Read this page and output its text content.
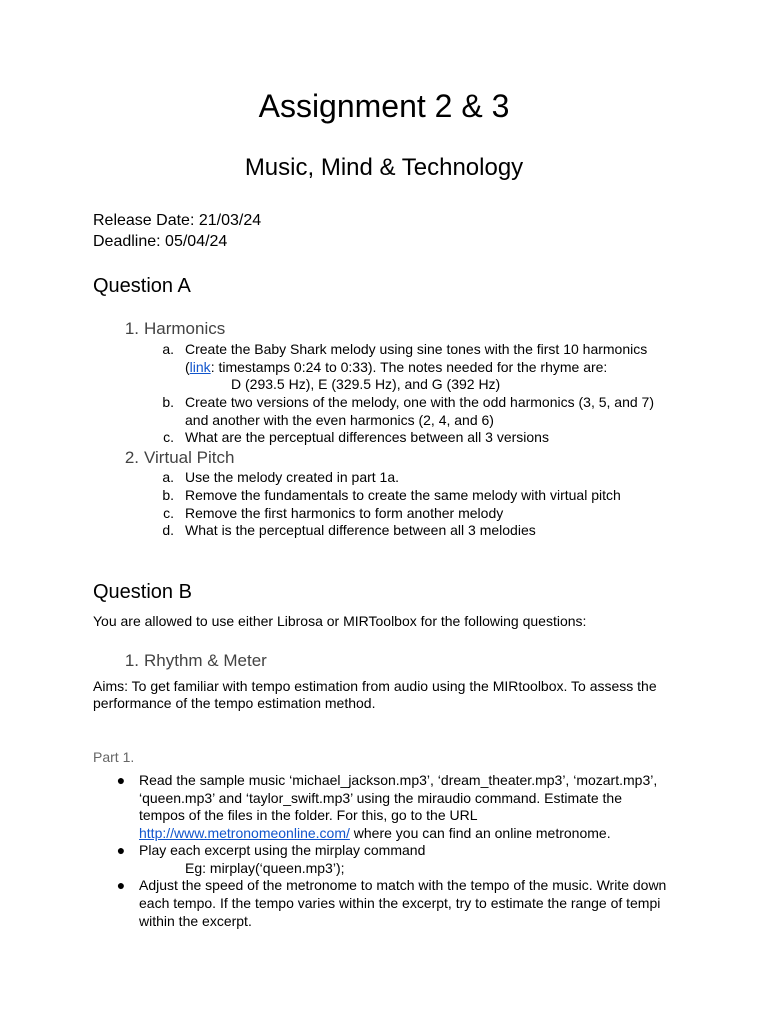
Assignment 2 & 3
Music, Mind & Technology
Release Date: 21/03/24
Deadline: 05/04/24
Question A
1. Harmonics
a. Create the Baby Shark melody using sine tones with the first 10 harmonics
(link: timestamps 0:24 to 0:33). The notes needed for the rhyme are:
D (293.5 Hz), E (329.5 Hz), and G (392 Hz)
b. Create two versions of the melody, one with the odd harmonics (3, 5, and 7)
and another with the even harmonics (2, 4, and 6)
c. What are the perceptual differences between all 3 versions
2. Virtual Pitch
a. Use the melody created in part 1a.
b. Remove the fundamentals to create the same melody with virtual pitch
c. Remove the first harmonics to form another melody
d. What is the perceptual difference between all 3 melodies
Question B
You are allowed to use either Librosa or MIRToolbox for the following questions:
1. Rhythm & Meter
Aims: To get familiar with tempo estimation from audio using the MIRtoolbox. To assess the
performance of the tempo estimation method.
Part 1.
● Read the sample music ‘michael_jackson.mp3’, ‘dream_theater.mp3’, ‘mozart.mp3’,
‘queen.mp3’ and ‘taylor_swift.mp3’ using the miraudio command. Estimate the
tempos of the files in the folder. For this, go to the URL
http://www.metronomeonline.com/ where you can find an online metronome.
● Play each excerpt using the mirplay command
Eg: mirplay(‘queen.mp3’);
● Adjust the speed of the metronome to match with the tempo of the music. Write down
each tempo. If the tempo varies within the excerpt, try to estimate the range of tempi
within the excerpt.
